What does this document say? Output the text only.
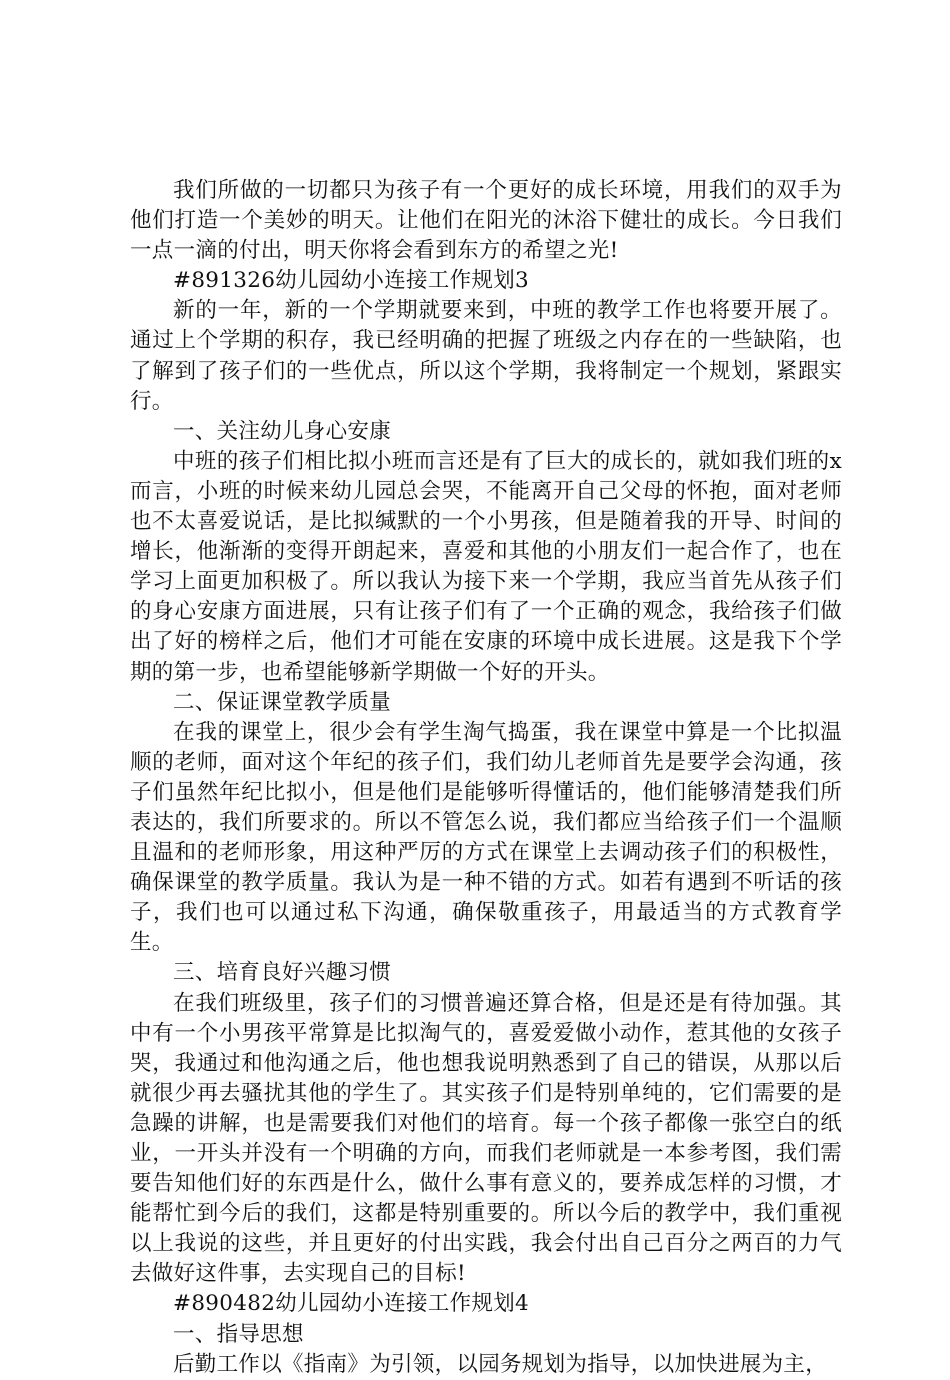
我们所做的一切都只为孩子有一个更好的成长环境，用我们的双手为他们打造一个美妙的明天。让他们在阳光的沐浴下健壮的成长。今日我们一点一滴的付出，明天你将会看到东方的希望之光!

#891326幼儿园幼小连接工作规划3

新的一年，新的一个学期就要来到，中班的教学工作也将要开展了。通过上个学期的积存，我已经明确的把握了班级之内存在的一些缺陷，也了解到了孩子们的一些优点，所以这个学期，我将制定一个规划，紧跟实行。

一、关注幼儿身心安康

中班的孩子们相比拟小班而言还是有了巨大的成长的，就如我们班的x而言，小班的时候来幼儿园总会哭，不能离开自己父母的怀抱，面对老师也不太喜爱说话，是比拟缄默的一个小男孩，但是随着我的开导、时间的增长，他渐渐的变得开朗起来，喜爱和其他的小朋友们一起合作了，也在学习上面更加积极了。所以我认为接下来一个学期，我应当首先从孩子们的身心安康方面进展，只有让孩子们有了一个正确的观念，我给孩子们做出了好的榜样之后，他们才可能在安康的环境中成长进展。这是我下个学期的第一步，也希望能够新学期做一个好的开头。

二、保证课堂教学质量

在我的课堂上，很少会有学生淘气捣蛋，我在课堂中算是一个比拟温顺的老师，面对这个年纪的孩子们，我们幼儿老师首先是要学会沟通，孩子们虽然年纪比拟小，但是他们是能够听得懂话的，他们能够清楚我们所表达的，我们所要求的。所以不管怎么说，我们都应当给孩子们一个温顺且温和的老师形象，用这种严厉的方式在课堂上去调动孩子们的积极性，确保课堂的教学质量。我认为是一种不错的方式。如若有遇到不听话的孩子，我们也可以通过私下沟通，确保敬重孩子，用最适当的方式教育学生。

三、培育良好兴趣习惯

在我们班级里，孩子们的习惯普遍还算合格，但是还是有待加强。其中有一个小男孩平常算是比拟淘气的，喜爱爱做小动作，惹其他的女孩子哭，我通过和他沟通之后，他也想我说明熟悉到了自己的错误，从那以后就很少再去骚扰其他的学生了。其实孩子们是特别单纯的，它们需要的是急躁的讲解，也是需要我们对他们的培育。每一个孩子都像一张空白的纸业，一开头并没有一个明确的方向，而我们老师就是一本参考图，我们需要告知他们好的东西是什么，做什么事有意义的，要养成怎样的习惯，才能帮忙到今后的我们，这都是特别重要的。所以今后的教学中，我们重视以上我说的这些，并且更好的付出实践，我会付出自己百分之两百的力气去做好这件事，去实现自己的目标!

#890482幼儿园幼小连接工作规划4

一、指导思想

后勤工作以《指南》为引领，以园务规划为指导，以加快进展为主，
